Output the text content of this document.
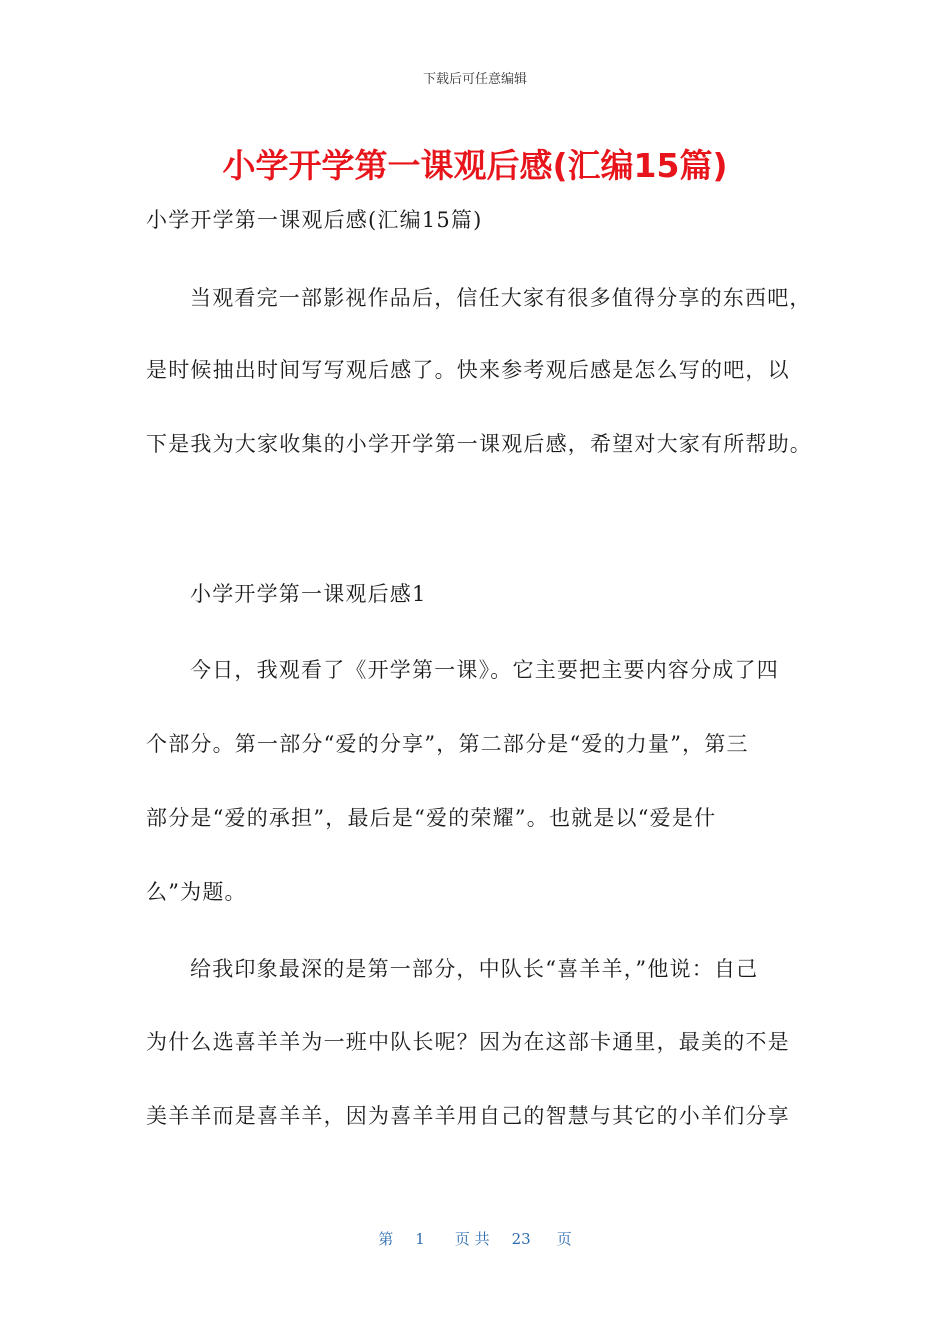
下载后可任意编辑
小学开学第一课观后感(汇编15篇)
小学开学第一课观后感(汇编15篇)
当观看完一部影视作品后，信任大家有很多值得分享的东西吧，
是时候抽出时间写写观后感了。快来参考观后感是怎么写的吧，以
下是我为大家收集的小学开学第一课观后感，希望对大家有所帮助。
小学开学第一课观后感1
今日，我观看了《开学第一课》。它主要把主要内容分成了四
个部分。第一部分“爱的分享”，第二部分是“爱的力量”，第三
部分是“爱的承担”，最后是“爱的荣耀”。也就是以“爱是什
么”为题。
给我印象最深的是第一部分，中队长“喜羊羊，”他说：自己
为什么选喜羊羊为一班中队长呢？因为在这部卡通里，最美的不是
美羊羊而是喜羊羊，因为喜羊羊用自己的智慧与其它的小羊们分享
第 1 页 共 23 页
